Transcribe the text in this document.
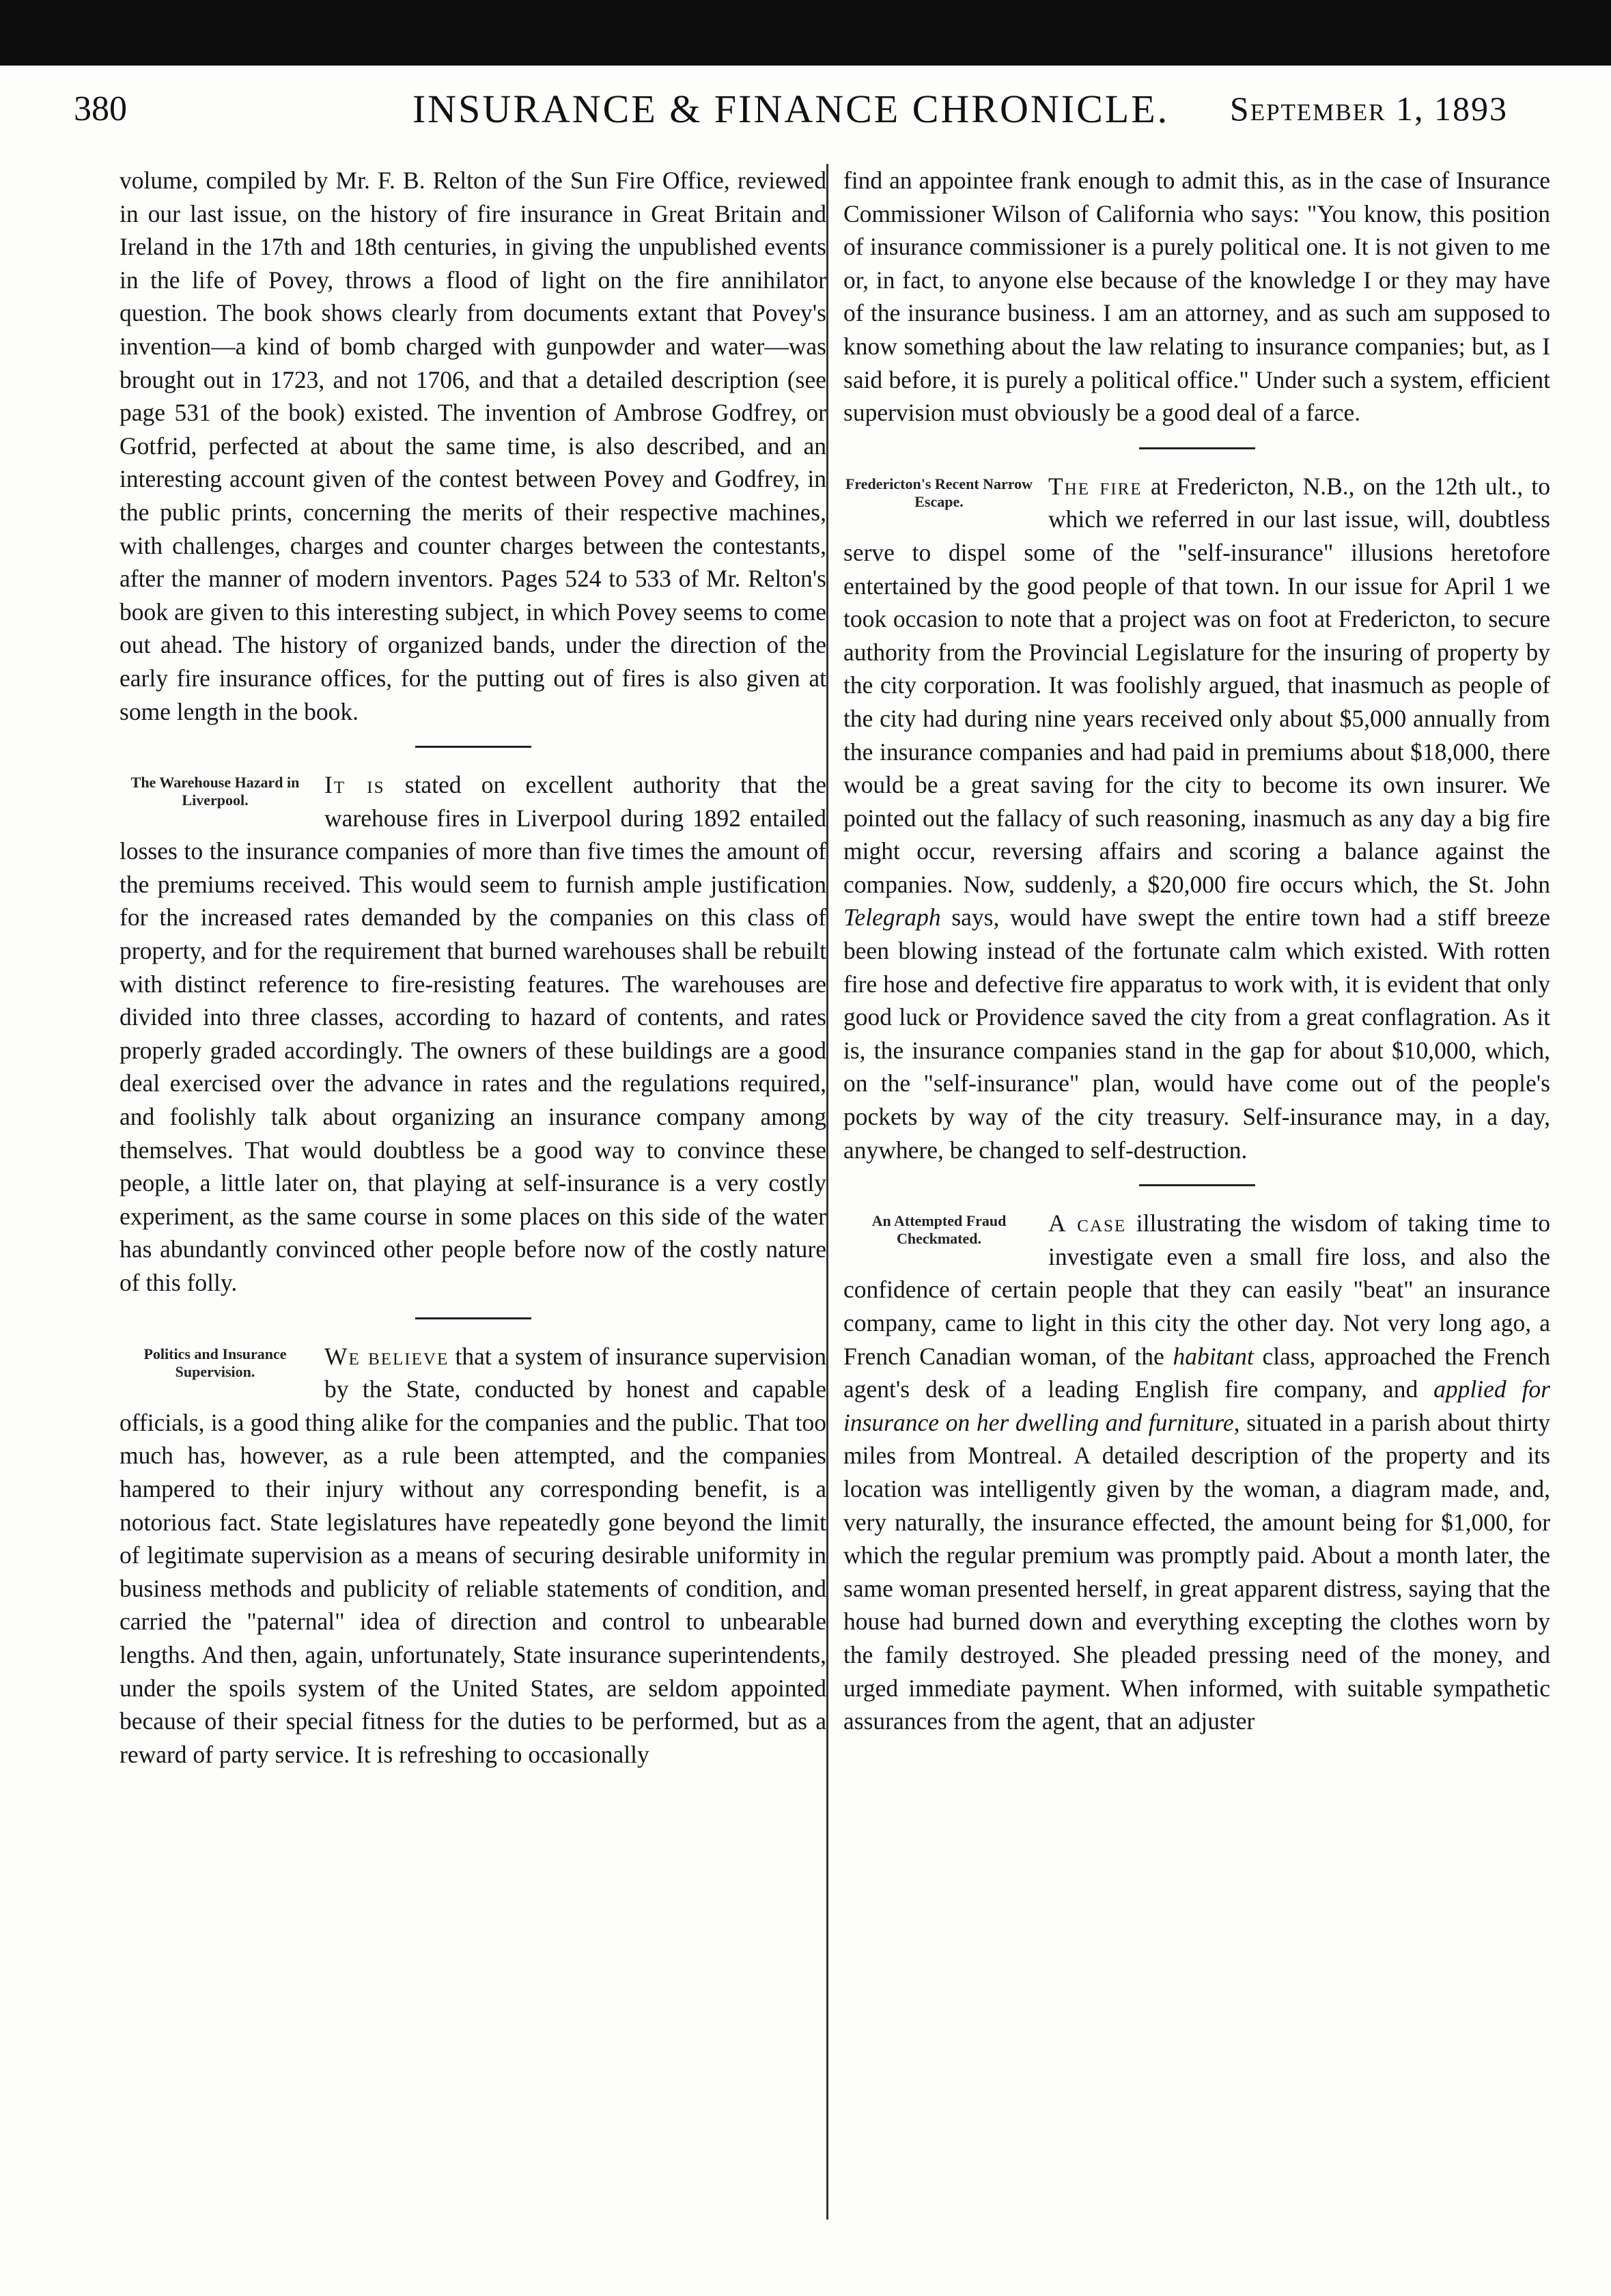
380	INSURANCE & FINANCE CHRONICLE.	September 1, 1893

volume, compiled by Mr. F. B. Relton of the Sun Fire Office, reviewed in our last issue, on the history of fire insurance in Great Britain and Ireland in the 17th and 18th centuries, in giving the unpublished events in the life of Povey, throws a flood of light on the fire annihilator question. The book shows clearly from documents extant that Povey's invention—a kind of bomb charged with gunpowder and water—was brought out in 1723, and not 1706, and that a detailed description (see page 531 of the book) existed. The invention of Ambrose Godfrey, or Gotfrid, perfected at about the same time, is also described, and an interesting account given of the contest between Povey and Godfrey, in the public prints, concerning the merits of their respective machines, with challenges, charges and counter charges between the contestants, after the manner of modern inventors. Pages 524 to 533 of Mr. Relton's book are given to this interesting subject, in which Povey seems to come out ahead. The history of organized bands, under the direction of the early fire insurance offices, for the putting out of fires is also given at some length in the book.

The Warehouse Hazard in Liverpool.

It is stated on excellent authority that the warehouse fires in Liverpool during 1892 entailed losses to the insurance companies of more than five times the amount of the premiums received. This would seem to furnish ample justification for the increased rates demanded by the companies on this class of property, and for the requirement that burned warehouses shall be rebuilt with distinct reference to fire-resisting features. The warehouses are divided into three classes, according to hazard of contents, and rates properly graded accordingly. The owners of these buildings are a good deal exercised over the advance in rates and the regulations required, and foolishly talk about organizing an insurance company among themselves. That would doubtless be a good way to convince these people, a little later on, that playing at self-insurance is a very costly experiment, as the same course in some places on this side of the water has abundantly convinced other people before now of the costly nature of this folly.

Politics and Insurance Supervision.

We believe that a system of insurance supervision by the State, conducted by honest and capable officials, is a good thing alike for the companies and the public. That too much has, however, as a rule been attempted, and the companies hampered to their injury without any corresponding benefit, is a notorious fact. State legislatures have repeatedly gone beyond the limit of legitimate supervision as a means of securing desirable uniformity in business methods and publicity of reliable statements of condition, and carried the "paternal" idea of direction and control to unbearable lengths. And then, again, unfortunately, State insurance superintendents, under the spoils system of the United States, are seldom appointed because of their special fitness for the duties to be performed, but as a reward of party service. It is refreshing to occasionally

find an appointee frank enough to admit this, as in the case of Insurance Commissioner Wilson of California who says: "You know, this position of insurance commissioner is a purely political one. It is not given to me or, in fact, to anyone else because of the knowledge I or they may have of the insurance business. I am an attorney, and as such am supposed to know something about the law relating to insurance companies; but, as I said before, it is purely a political office." Under such a system, efficient supervision must obviously be a good deal of a farce.

Fredericton's Recent Narrow Escape.

The fire at Fredericton, N.B., on the 12th ult., to which we referred in our last issue, will, doubtless serve to dispel some of the "self-insurance" illusions heretofore entertained by the good people of that town. In our issue for April 1 we took occasion to note that a project was on foot at Fredericton, to secure authority from the Provincial Legislature for the insuring of property by the city corporation. It was foolishly argued, that inasmuch as people of the city had during nine years received only about $5,000 annually from the insurance companies and had paid in premiums about $18,000, there would be a great saving for the city to become its own insurer. We pointed out the fallacy of such reasoning, inasmuch as any day a big fire might occur, reversing affairs and scoring a balance against the companies. Now, suddenly, a $20,000 fire occurs which, the St. John Telegraph says, would have swept the entire town had a stiff breeze been blowing instead of the fortunate calm which existed. With rotten fire hose and defective fire apparatus to work with, it is evident that only good luck or Providence saved the city from a great conflagration. As it is, the insurance companies stand in the gap for about $10,000, which, on the "self-insurance" plan, would have come out of the people's pockets by way of the city treasury. Self-insurance may, in a day, anywhere, be changed to self-destruction.

An Attempted Fraud Checkmated.

A case illustrating the wisdom of taking time to investigate even a small fire loss, and also the confidence of certain people that they can easily "beat" an insurance company, came to light in this city the other day. Not very long ago, a French Canadian woman, of the habitant class, approached the French agent's desk of a leading English fire company, and applied for insurance on her dwelling and furniture, situated in a parish about thirty miles from Montreal. A detailed description of the property and its location was intelligently given by the woman, a diagram made, and, very naturally, the insurance effected, the amount being for $1,000, for which the regular premium was promptly paid. About a month later, the same woman presented herself, in great apparent distress, saying that the house had burned down and everything excepting the clothes worn by the family destroyed. She pleaded pressing need of the money, and urged immediate payment. When informed, with suitable sympathetic assurances from the agent, that an adjuster
